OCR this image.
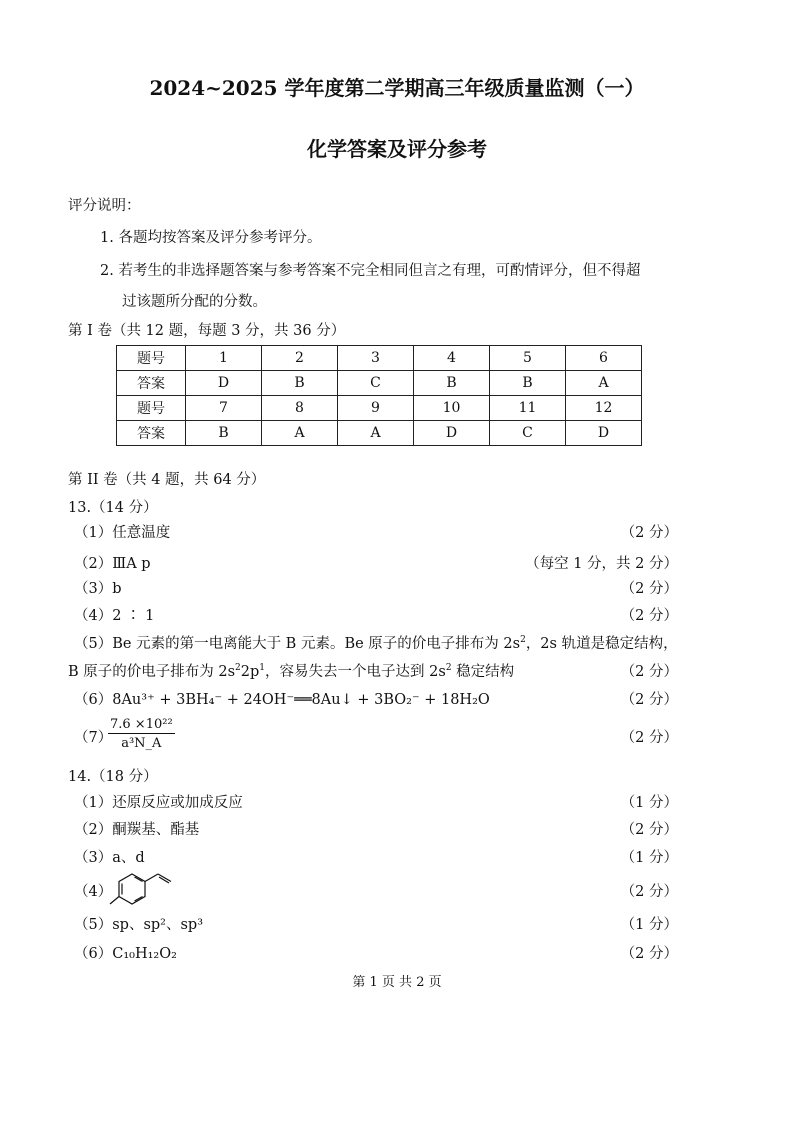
2024~2025 学年度第二学期高三年级质量监测（一）
化学答案及评分参考
评分说明：
1. 各题均按答案及评分参考评分。
2. 若考生的非选择题答案与参考答案不完全相同但言之有理，可酌情评分，但不得超
过该题所分配的分数。
第 I 卷（共 12 题，每题 3 分，共 36 分）
题号	1	2	3	4	5	6
答案	D	B	C	B	B	A
题号	7	8	9	10	11	12
答案	B	A	A	D	C	D
第 II 卷（共 4 题，共 64 分）
13.（14 分）
（1）任意温度	（2 分）
（2）ⅢA p	（每空 1 分，共 2 分）
（3）b	（2 分）
（4）2 ∶ 1	（2 分）
（5）Be 元素的第一电离能大于 B 元素。Be 原子的价电子排布为 $2s^2$，2s 轨道是稳定结构，
B 原子的价电子排布为 $2s^22p^1$，容易失去一个电子达到 $2s^2$ 稳定结构	（2 分）
（6）8Au³⁺ + 3BH₄⁻ + 24OH⁻══8Au↓ + 3BO₂⁻ + 18H₂O	（2 分）
（7）
$\frac{\text{7.6 ×10²²}}{\text{a³N\_A}}$	（2 分）
14.（18 分）
（1）还原反应或加成反应	（1 分）
（2）酮羰基、酯基	（2 分）
（3）a、d	（1 分）
（4）	（2 分）
（5）sp、sp²、sp³	（1 分）
（6）C₁₀H₁₂O₂	（2 分）
第 1 页 共 2 页
